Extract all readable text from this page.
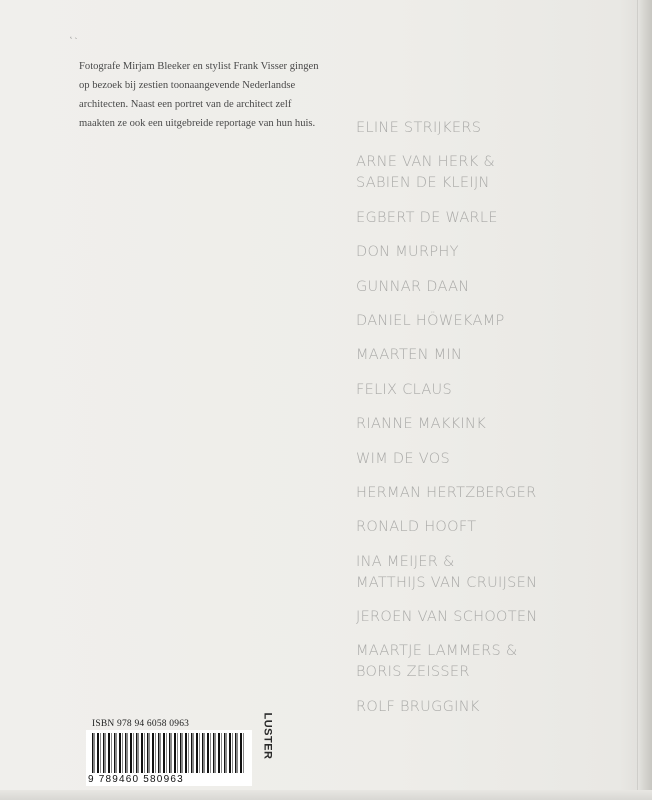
˛ ˎ

Fotografe Mirjam Bleeker en stylist Frank Visser gingen op bezoek bij zestien toonaangevende Nederlandse architecten. Naast een portret van de architect zelf maakten ze ook een uitgebreide reportage van hun huis.	ELINE STRIJKERS
ARNE VAN HERK &
SABIEN DE KLEIJN
EGBERT DE WARLE
DON MURPHY
GUNNAR DAAN
DANIEL HÖWEKAMP
MAARTEN MIN
FELIX CLAUS
RIANNE MAKKINK
WIM DE VOS
HERMAN HERTZBERGER
RONALD HOOFT
INA MEIJER &
MATTHIJS VAN CRUIJSEN
JEROEN VAN SCHOOTEN
MAARTJE LAMMERS &
BORIS ZEISSER
ROLF BRUGGINK
ISBN 978 94 6058 0963
9 789460 580963
LUSTER
